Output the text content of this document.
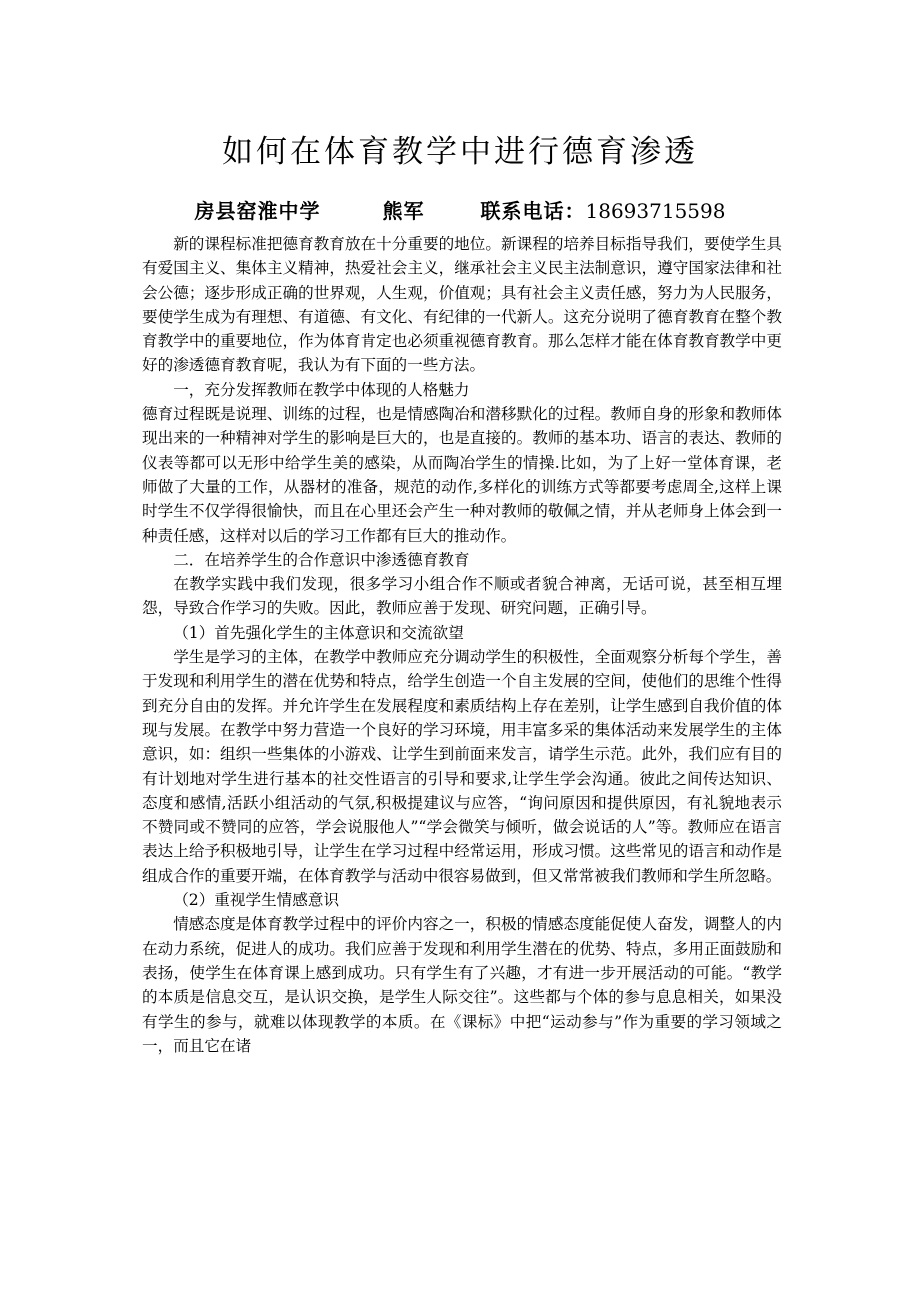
如何在体育教学中进行德育渗透
房县窑淮中学	熊军	联系电话：18693715598

新的课程标准把德育教育放在十分重要的地位。新课程的培养目标指导我们，要使学生具有爱国主义、集体主义精神，热爱社会主义，继承社会主义民主法制意识，遵守国家法律和社会公德；逐步形成正确的世界观，人生观，价值观；具有社会主义责任感，努力为人民服务，要使学生成为有理想、有道德、有文化、有纪律的一代新人。这充分说明了德育教育在整个教育教学中的重要地位，作为体育肯定也必须重视德育教育。那么怎样才能在体育教育教学中更好的渗透德育教育呢，我认为有下面的一些方法。

一，充分发挥教师在教学中体现的人格魅力

德育过程既是说理、训练的过程，也是情感陶冶和潜移默化的过程。教师自身的形象和教师体现出来的一种精神对学生的影响是巨大的，也是直接的。教师的基本功、语言的表达、教师的仪表等都可以无形中给学生美的感染，从而陶冶学生的情操.比如，为了上好一堂体育课，老师做了大量的工作，从器材的准备，规范的动作,多样化的训练方式等都要考虑周全,这样上课时学生不仅学得很愉快，而且在心里还会产生一种对教师的敬佩之情，并从老师身上体会到一种责任感，这样对以后的学习工作都有巨大的推动作。

二．在培养学生的合作意识中渗透德育教育

在教学实践中我们发现，很多学习小组合作不顺或者貌合神离，无话可说，甚至相互埋怨，导致合作学习的失败。因此，教师应善于发现、研究问题，正确引导。

（1）首先强化学生的主体意识和交流欲望

学生是学习的主体，在教学中教师应充分调动学生的积极性，全面观察分析每个学生，善于发现和利用学生的潜在优势和特点，给学生创造一个自主发展的空间，使他们的思维个性得到充分自由的发挥。并允许学生在发展程度和素质结构上存在差别，让学生感到自我价值的体现与发展。在教学中努力营造一个良好的学习环境，用丰富多采的集体活动来发展学生的主体意识，如：组织一些集体的小游戏、让学生到前面来发言，请学生示范。此外，我们应有目的有计划地对学生进行基本的社交性语言的引导和要求,让学生学会沟通。彼此之间传达知识、态度和感情,活跃小组活动的气氛,积极提建议与应答，“询问原因和提供原因，有礼貌地表示不赞同或不赞同的应答，学会说服他人”“学会微笑与倾听，做会说话的人”等。教师应在语言表达上给予积极地引导，让学生在学习过程中经常运用，形成习惯。这些常见的语言和动作是组成合作的重要开端，在体育教学与活动中很容易做到，但又常常被我们教师和学生所忽略。

（2）重视学生情感意识

情感态度是体育教学过程中的评价内容之一，积极的情感态度能促使人奋发，调整人的内在动力系统，促进人的成功。我们应善于发现和利用学生潜在的优势、特点，多用正面鼓励和表扬，使学生在体育课上感到成功。只有学生有了兴趣，才有进一步开展活动的可能。“教学的本质是信息交互，是认识交换，是学生人际交往”。这些都与个体的参与息息相关，如果没有学生的参与，就难以体现教学的本质。在《课标》中把“运动参与”作为重要的学习领域之一，而且它在诸
